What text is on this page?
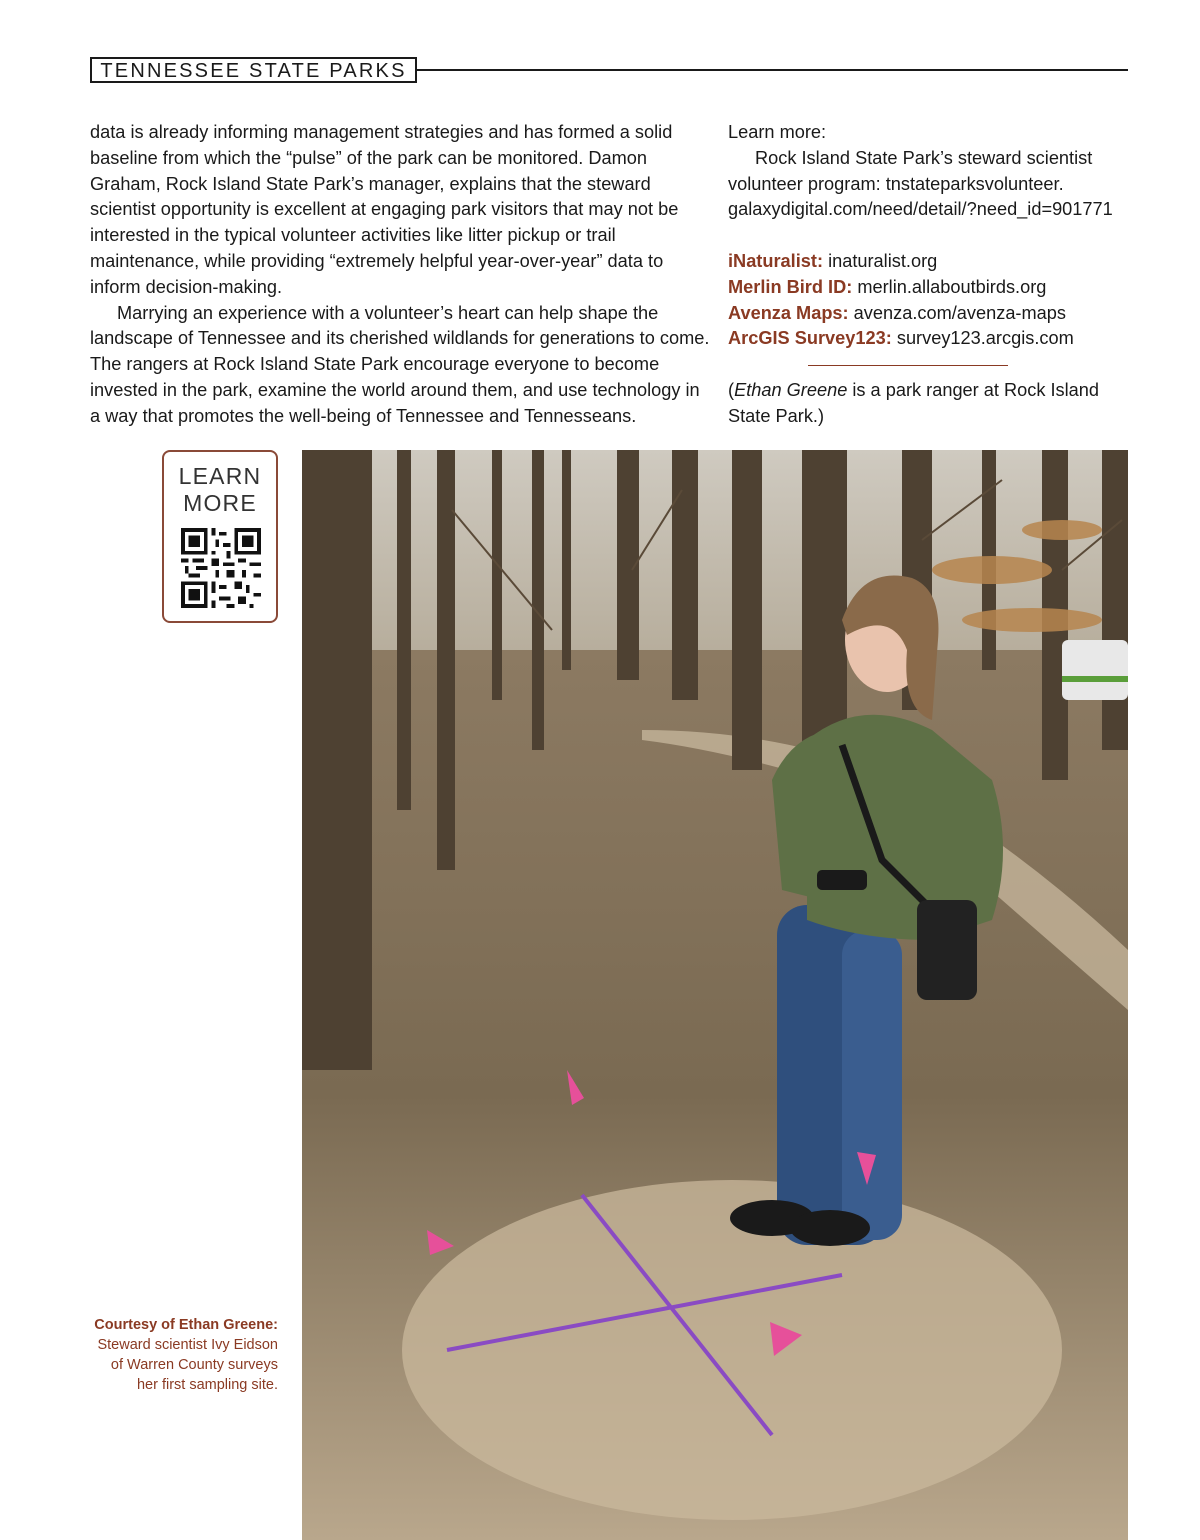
TENNESSEE STATE PARKS

data is already informing management strategies and has formed a solid baseline from which the “pulse” of the park can be monitored. Damon Graham, Rock Island State Park’s manager, explains that the steward scientist opportunity is excellent at engaging park visitors that may not be interested in the typical volunteer activities like litter pickup or trail maintenance, while providing “extremely helpful year-over-year” data to inform decision-making.

Marrying an experience with a volunteer’s heart can help shape the landscape of Tennessee and its cherished wildlands for generations to come. The rangers at Rock Island State Park encourage everyone to become invested in the park, examine the world around them, and use technology in a way that promotes the well-being of Tennessee and Tennesseans.

Learn more:

Rock Island State Park’s steward scientist volunteer program: tnstateparksvolunteer. galaxydigital.com/need/detail/?need_id=901771

iNaturalist: inaturalist.org

Merlin Bird ID: merlin.allaboutbirds.org

Avenza Maps: avenza.com/avenza-maps

ArcGIS Survey123: survey123.arcgis.com

(Ethan Greene is a park ranger at Rock Island State Park.)

LEARN
MORE
Courtesy of Ethan Greene: Steward scientist Ivy Eidson of Warren County surveys her first sampling site.
